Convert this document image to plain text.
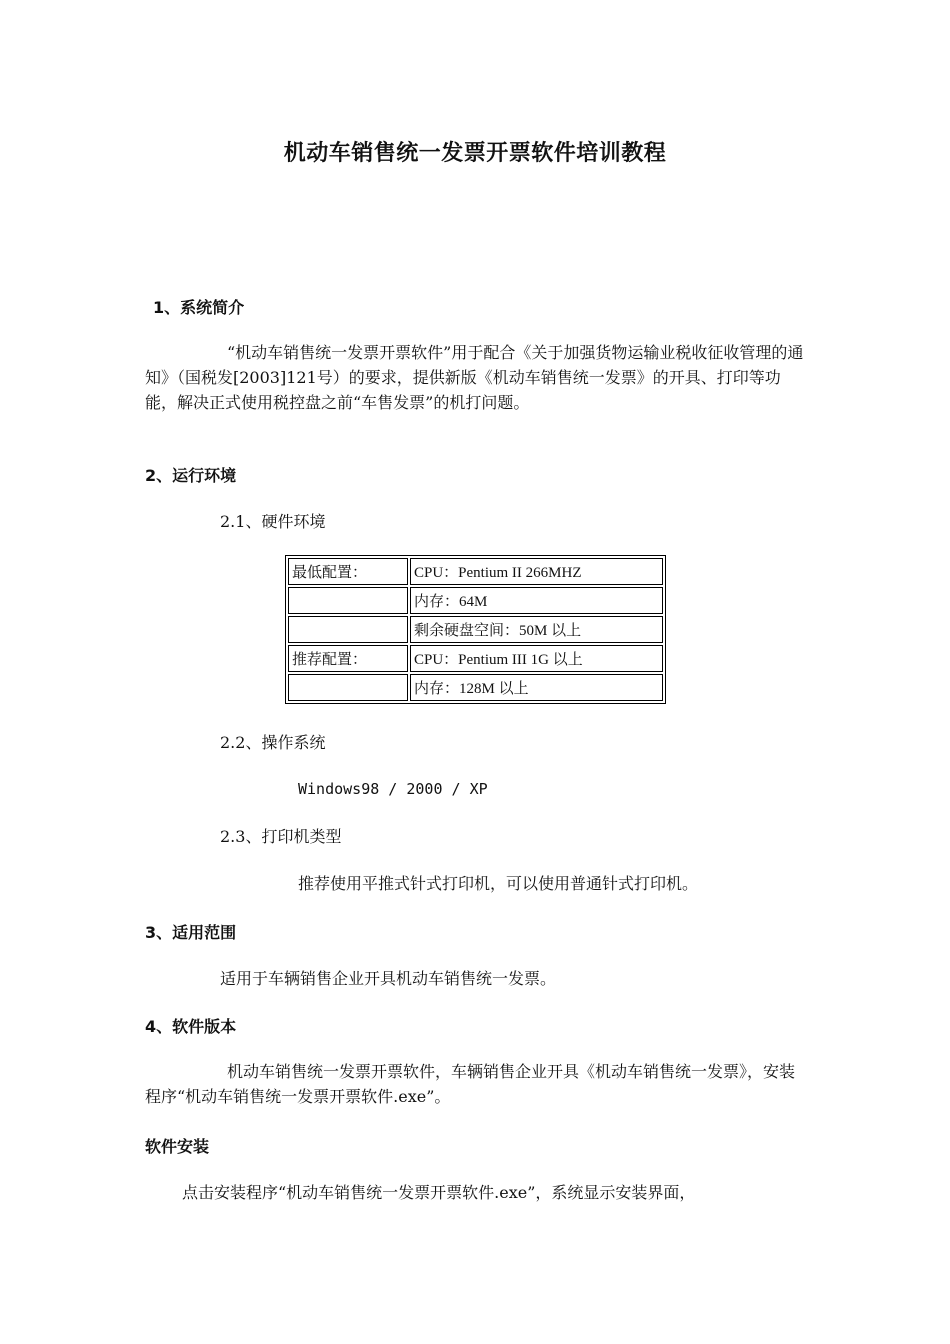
机动车销售统一发票开票软件培训教程
1、系统简介
“机动车销售统一发票开票软件”用于配合《关于加强货物运输业税收征收管理的通知》（国税发[2003]121号）的要求，提供新版《机动车销售统一发票》的开具、打印等功能，解决正式使用税控盘之前“车售发票”的机打问题。
2、运行环境
2.1、硬件环境
最低配置：	CPU：Pentium II 266MHZ
	内存：64M
	剩余硬盘空间：50M 以上
推荐配置：	CPU：Pentium III 1G 以上
	内存：128M 以上
2.2、操作系统
Windows98 / 2000 / XP
2.3、打印机类型
推荐使用平推式针式打印机，可以使用普通针式打印机。
3、适用范围
适用于车辆销售企业开具机动车销售统一发票。
4、软件版本
机动车销售统一发票开票软件，车辆销售企业开具《机动车销售统一发票》，安装程序“机动车销售统一发票开票软件.exe”。
软件安装
点击安装程序“机动车销售统一发票开票软件.exe”，系统显示安装界面，
